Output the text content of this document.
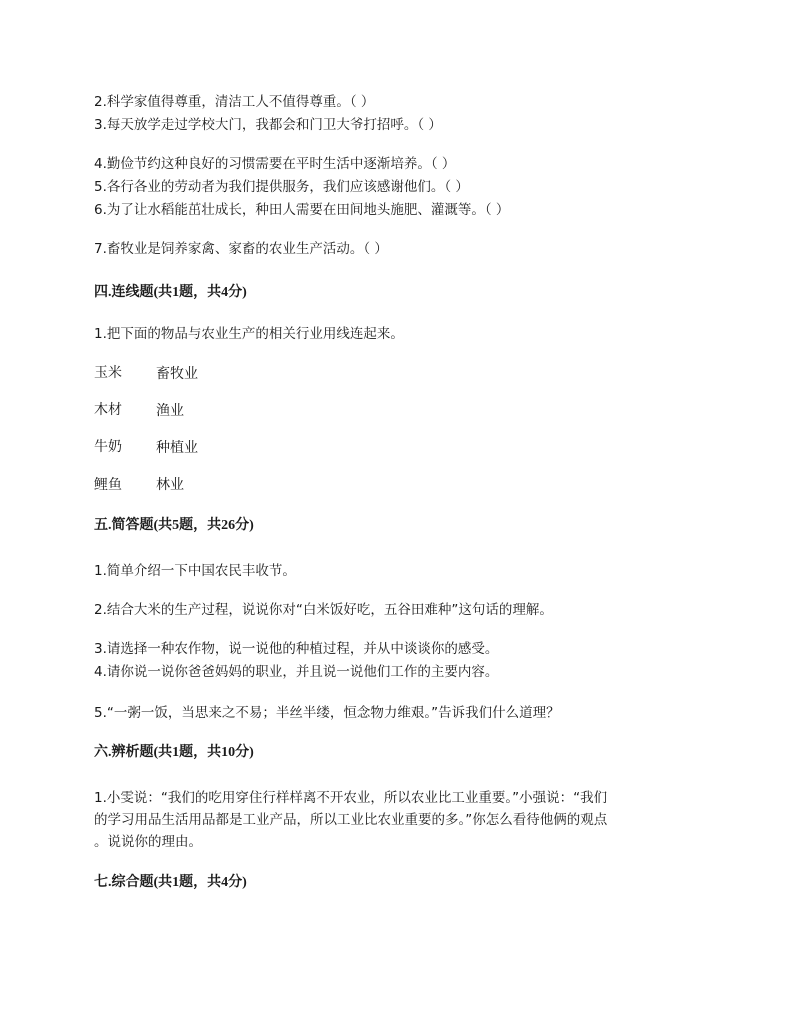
2.科学家值得尊重，清洁工人不值得尊重。（ ）
3.每天放学走过学校大门，我都会和门卫大爷打招呼。（ ）
4.勤俭节约这种良好的习惯需要在平时生活中逐渐培养。（ ）
5.各行各业的劳动者为我们提供服务，我们应该感谢他们。（ ）
6.为了让水稻能茁壮成长，种田人需要在田间地头施肥、灌溉等。（ ）
7.畜牧业是饲养家禽、家畜的农业生产活动。（ ）
四.连线题(共1题，共4分)
1.把下面的物品与农业生产的相关行业用线连起来。
玉米 畜牧业
木材 渔业
牛奶 种植业
鲤鱼 林业
五.简答题(共5题，共26分)
1.简单介绍一下中国农民丰收节。
2.结合大米的生产过程，说说你对“白米饭好吃，五谷田难种”这句话的理解。
3.请选择一种农作物，说一说他的种植过程，并从中谈谈你的感受。
4.请你说一说你爸爸妈妈的职业，并且说一说他们工作的主要内容。
5.“一粥一饭，当思来之不易；半丝半缕，恒念物力维艰。”告诉我们什么道理？
六.辨析题(共1题，共10分)
1.小雯说：“我们的吃用穿住行样样离不开农业，所以农业比工业重要。”小强说：“我们
的学习用品生活用品都是工业产品，所以工业比农业重要的多。”你怎么看待他俩的观点
。说说你的理由。
七.综合题(共1题，共4分)
